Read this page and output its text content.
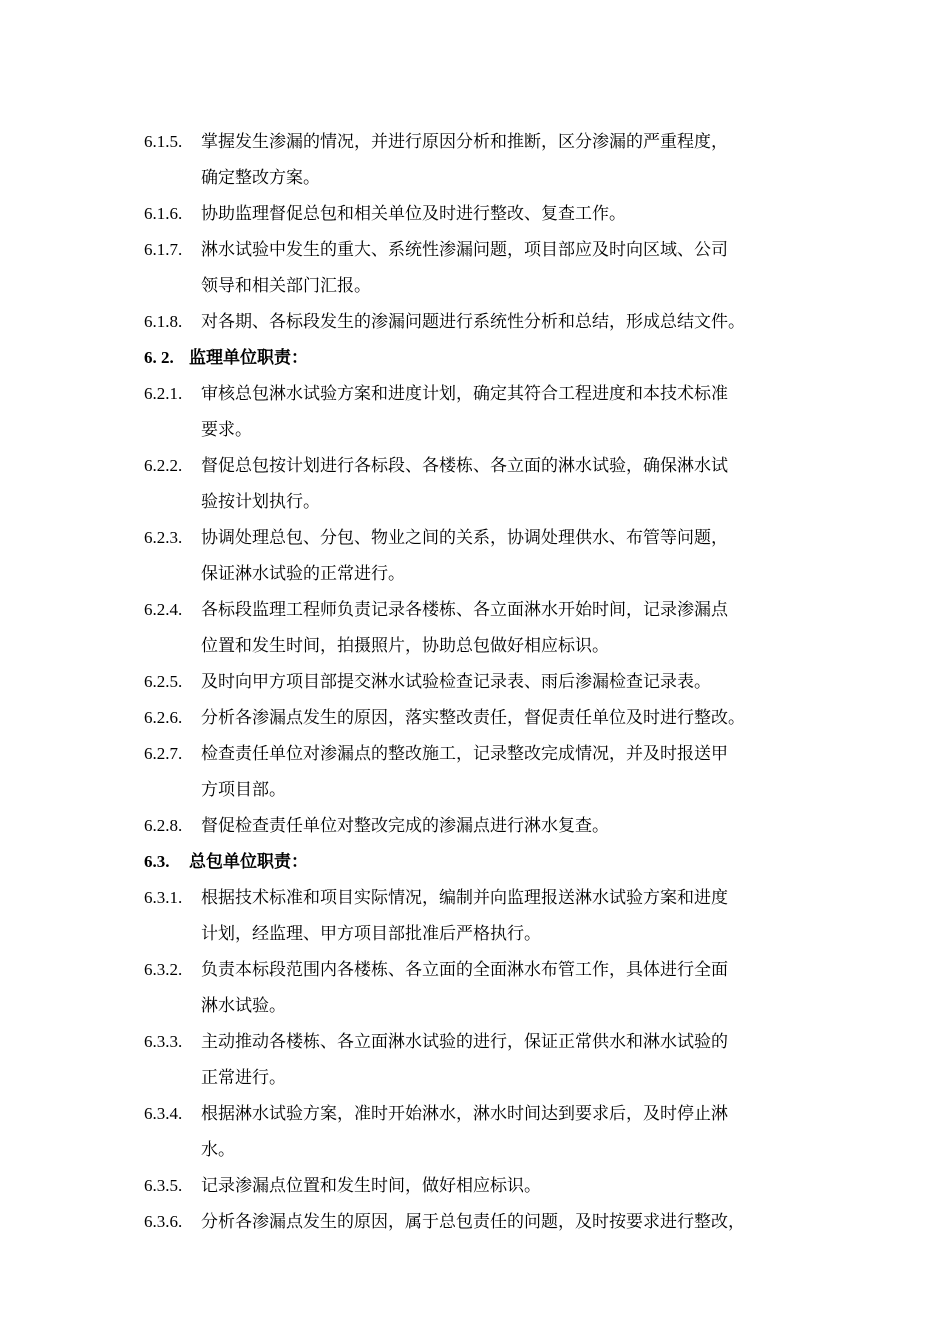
6.1.5.	掌握发生渗漏的情况，并进行原因分析和推断，区分渗漏的严重程度，
确定整改方案。
6.1.6.	协助监理督促总包和相关单位及时进行整改、复查工作。
6.1.7.	淋水试验中发生的重大、系统性渗漏问题，项目部应及时向区域、公司
领导和相关部门汇报。
6.1.8.	对各期、各标段发生的渗漏问题进行系统性分析和总结，形成总结文件。
6. 2. 监理单位职责：
6.2.1.	审核总包淋水试验方案和进度计划，确定其符合工程进度和本技术标准
要求。
6.2.2.	督促总包按计划进行各标段、各楼栋、各立面的淋水试验，确保淋水试
验按计划执行。
6.2.3.	协调处理总包、分包、物业之间的关系，协调处理供水、布管等问题，
保证淋水试验的正常进行。
6.2.4.	各标段监理工程师负责记录各楼栋、各立面淋水开始时间，记录渗漏点
位置和发生时间，拍摄照片，协助总包做好相应标识。
6.2.5.	及时向甲方项目部提交淋水试验检查记录表、雨后渗漏检查记录表。
6.2.6.	分析各渗漏点发生的原因，落实整改责任，督促责任单位及时进行整改。
6.2.7.	检查责任单位对渗漏点的整改施工，记录整改完成情况，并及时报送甲
方项目部。
6.2.8.	督促检查责任单位对整改完成的渗漏点进行淋水复查。
6.3.	总包单位职责：
6.3.1.	根据技术标准和项目实际情况，编制并向监理报送淋水试验方案和进度
计划，经监理、甲方项目部批准后严格执行。
6.3.2.	负责本标段范围内各楼栋、各立面的全面淋水布管工作，具体进行全面
淋水试验。
6.3.3.	主动推动各楼栋、各立面淋水试验的进行，保证正常供水和淋水试验的
正常进行。
6.3.4.	根据淋水试验方案，准时开始淋水，淋水时间达到要求后，及时停止淋
水。
6.3.5.	记录渗漏点位置和发生时间，做好相应标识。
6.3.6.	分析各渗漏点发生的原因，属于总包责任的问题，及时按要求进行整改，
